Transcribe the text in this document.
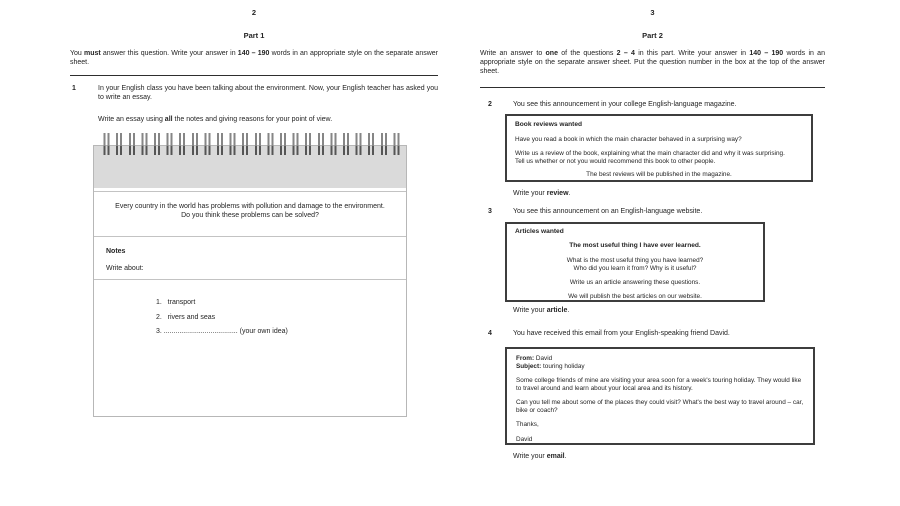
2
Part 1

You must answer this question. Write your answer in 140 – 190 words in an appropriate style on the separate answer sheet.

1	In your English class you have been talking about the environment. Now, your English teacher has asked you to write an essay.

Write an essay using all the notes and giving reasons for your point of view.

Every country in the world has problems with pollution and damage to the environment.
Do you think these problems can be solved?
Notes
Write about:
1.   transport
2.   rivers and seas
3. ...................................... (your own idea)
3
Part 2

Write an answer to one of the questions 2 – 4 in this part. Write your answer in 140 – 190 words in an appropriate style on the separate answer sheet. Put the question number in the box at the top of the answer sheet.

2	You see this announcement in your college English-language magazine.

Book reviews wanted
Have you read a book in which the main character behaved in a surprising way?
Write us a review of the book, explaining what the main character did and why it was surprising.
Tell us whether or not you would recommend this book to other people.
The best reviews will be published in the magazine.

Write your review.

3	You see this announcement on an English-language website.

Articles wanted
The most useful thing I have ever learned.
What is the most useful thing you have learned?
Who did you learn it from? Why is it useful?
Write us an article answering these questions.
We will publish the best articles on our website.

Write your article.

4	You have received this email from your English-speaking friend David.

From: David
Subject: touring holiday
Some college friends of mine are visiting your area soon for a week's touring holiday. They would like to travel around and learn about your local area and its history.
Can you tell me about some of the places they could visit? What's the best way to travel around – car, bike or coach?
Thanks,
David

Write your email.
